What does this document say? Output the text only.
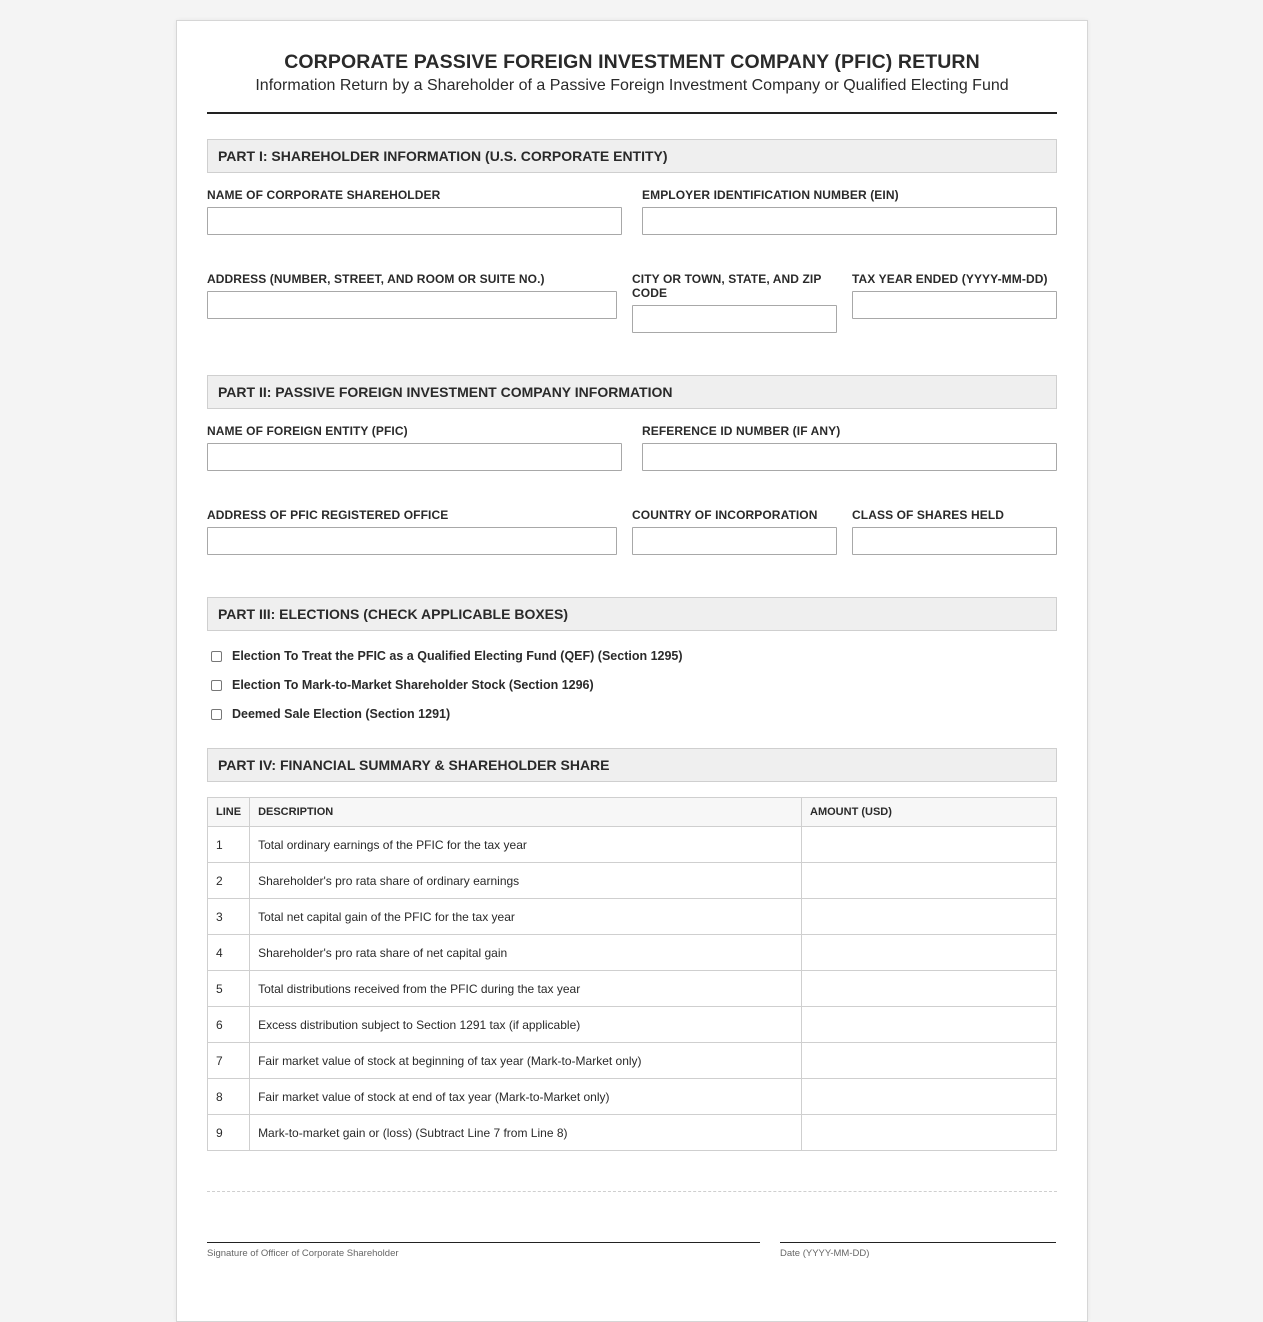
CORPORATE PASSIVE FOREIGN INVESTMENT COMPANY (PFIC) RETURN
Information Return by a Shareholder of a Passive Foreign Investment Company or Qualified Electing Fund
PART I: SHAREHOLDER INFORMATION (U.S. CORPORATE ENTITY)
NAME OF CORPORATE SHAREHOLDER	EMPLOYER IDENTIFICATION NUMBER (EIN)
ADDRESS (NUMBER, STREET, AND ROOM OR SUITE NO.)	CITY OR TOWN, STATE, AND ZIP CODE
TAX YEAR ENDED (YYYY-MM-DD)
PART II: PASSIVE FOREIGN INVESTMENT COMPANY INFORMATION
NAME OF FOREIGN ENTITY (PFIC)	REFERENCE ID NUMBER (IF ANY)
ADDRESS OF PFIC REGISTERED OFFICE	COUNTRY OF INCORPORATION	CLASS OF SHARES HELD
PART III: ELECTIONS (CHECK APPLICABLE BOXES)
Election To Treat the PFIC as a Qualified Electing Fund (QEF) (Section 1295)
Election To Mark-to-Market Shareholder Stock (Section 1296)
Deemed Sale Election (Section 1291)
PART IV: FINANCIAL SUMMARY & SHAREHOLDER SHARE
LINE	DESCRIPTION	AMOUNT (USD)
1	Total ordinary earnings of the PFIC for the tax year	
2	Shareholder's pro rata share of ordinary earnings	
3	Total net capital gain of the PFIC for the tax year	
4	Shareholder's pro rata share of net capital gain	
5	Total distributions received from the PFIC during the tax year	
6	Excess distribution subject to Section 1291 tax (if applicable)	
7	Fair market value of stock at beginning of tax year (Mark-to-Market only)	
8	Fair market value of stock at end of tax year (Mark-to-Market only)	
9	Mark-to-market gain or (loss) (Subtract Line 7 from Line 8)	
Signature of Officer of Corporate Shareholder	Date (YYYY-MM-DD)
